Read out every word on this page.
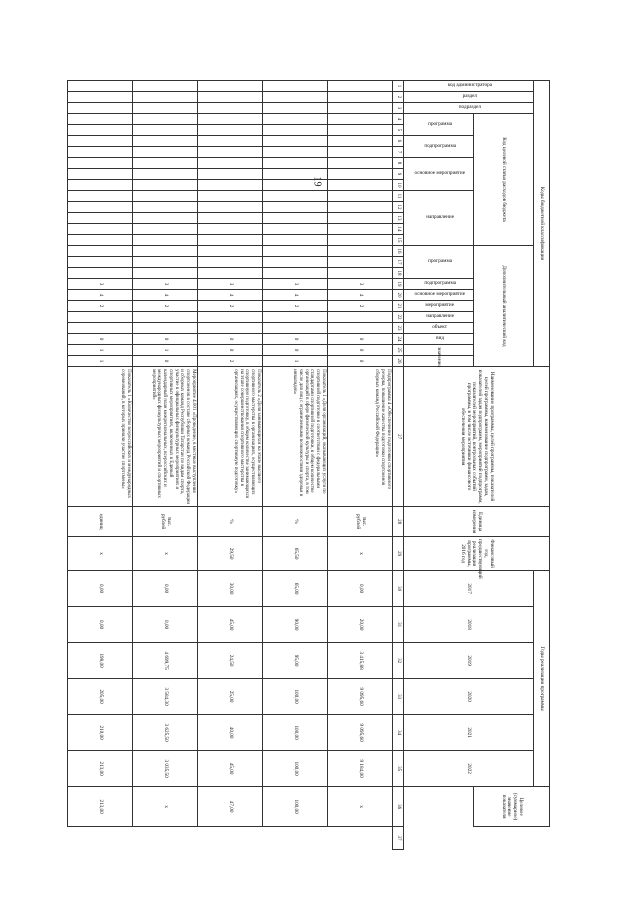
19
Коды бюджетной классификации																										Наименование программы, целей программы, показателей целей программы, наименование подпрограмм, задач, показателей задач подпрограмм, мероприятий подпрограмм, показателей мероприятий, контрольных событий программы, в том числе источники финансового обеспечения мероприятия	Единица измерения	Финансовый год, предшествующий реализации программы, 2016 год	Годы реализации программы						Целевое (суммарное) значение показателя	
код администратора	раздел	подраздел	Код целевой статьи расходов бюджета												Дополнительный аналитический код														2017	2018	2019	2020	2021	2022		
			программа		подпрограмма		основное мероприятие			направление					программа			подпрограмма	основное мероприятие	мероприятие	направление	объект	вид	значение												
1	2	3	4	5	6	7	8	9	10	11	12	13	14	15	16	17	18	19	20	21	22	23	24	25	26	27	28	29	30	31	32	33	34	35	36	37
																		3	4	2			0	0	0	Подпрограмма 4 «Обеспечение подготовки спортивного резерва, повышение качества подготовки спортсменов сборных команд Российской Федерации»	тыс. рублей	х	0,00	20,00	3 415,88	9 095,60	9 095,60	9 184,00	х	
																		3	4	2			0	0	1	Показатель 1 «Доля организаций, оказывающих услуги по спортивной подготовке в соответствии с федеральными стандартами спортивной подготовки, в общем количестве организаций в сфере физической культуры и спорта, в том числе для лиц с ограниченными возможностями здоровья и инвалидов»	%	65,50	65,00	90,00	95,00	100,00	100,00	100,00	100,00	
																		3	4	2			0	0	2	Показатель 2 «Доля занимающихся на этапе высшего спортивного мастерства в организациях, осуществляющих спортивную подготовку, в общем количестве занимающихся на этапе совершенствования спортивного мастерства в организациях, осуществляющих спортивную подготовку»	%	29,50	30,00	45,00	24,50	25,00	40,00	45,00	47,00	
																		3	4	2			0	1	0	Мероприятие 4.001 «Проведение, в местные выступления спортсменов в составе сборных команд Российской Федерации и сборных команд Республики Татарстан по видам спорта, участие в официальных физкультурных мероприятиях и спортивных мероприятиях, включенных в Единый календарный план межрегиональных, всероссийских и международных физкультурных мероприятий и спортивных мероприятий»	тыс. рублей	х	0,00	0,00	4 699,75	3 584,30	3 625,50	3 035,50	х	
																		3	4	2			0	1	1	Показатель 1 «Количество всероссийских и международных соревнований, в которых приняли участие спортсмены»	единиц	х	0,00	0,00	198,00	205,00	210,00	213,00	213,00	
